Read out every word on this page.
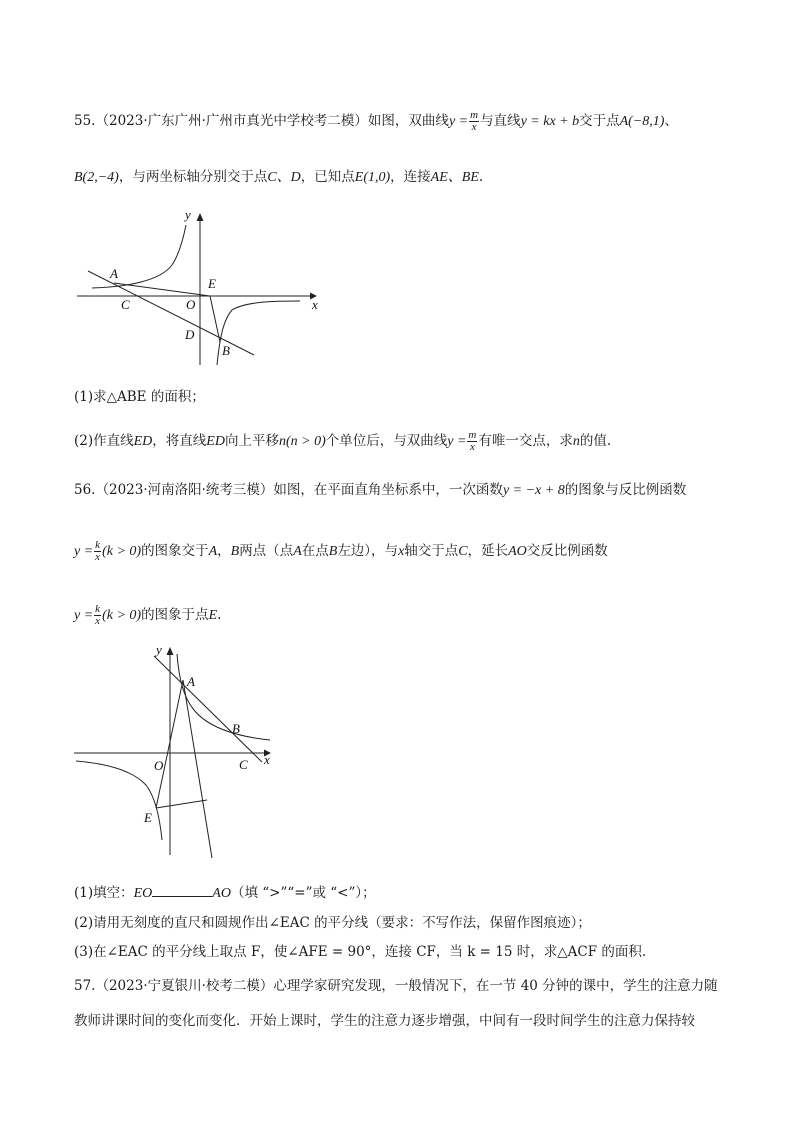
55.（2023·广东广州·广州市真光中学校考二模）如图，双曲线$y = \frac{m}{x}$ 与直线y = kx + b交于点A(−8,1)、
B(2,−4)，与两坐标轴分别交于点C、D，已知点E(1,0)，连接AE、BE.
y
x
A
C	O
E
D
B
(1)求△ABE 的面积；
(2)作直线ED，将直线ED向上平移n(n > 0)个单位后，与双曲线$y = \frac{m}{x}$ 有唯一交点，求n的值.
56.（2023·河南洛阳·统考三模）如图，在平面直角坐标系中，一次函数y = −x + 8的图象与反比例函数
$y = \frac{k}{x} (k > 0)$的图象交于A，B两点（点A在点B左边），与x轴交于点C，延长AO交反比例函数
$y = \frac{k}{x} (k > 0)$的图象于点E.
y
x
A
B
O	C
E
(1)填空：EO	AO（填 “>”“=”或 “<”）；
(2)请用无刻度的直尺和圆规作出∠EAC 的平分线（要求：不写作法，保留作图痕迹）；
(3)在∠EAC 的平分线上取点 F，使∠AFE = 90°，连接 CF，当 k = 15 时，求△ACF 的面积.
57.（2023·宁夏银川·校考二模）心理学家研究发现，一般情况下，在一节 40 分钟的课中，学生的注意力随
教师讲课时间的变化而变化．开始上课时，学生的注意力逐步增强，中间有一段时间学生的注意力保持较
